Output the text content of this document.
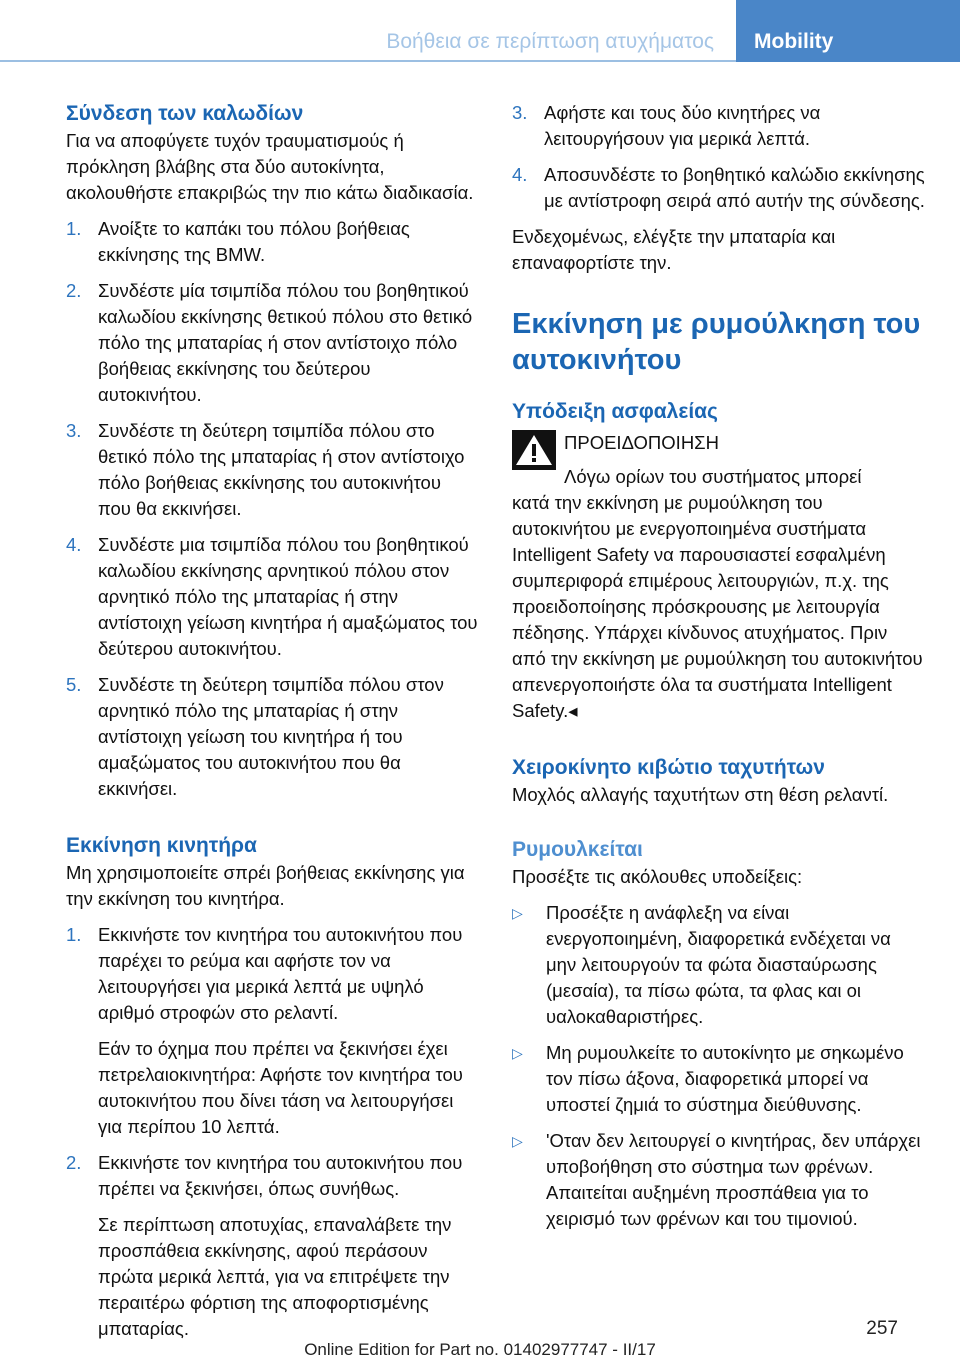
Βοήθεια σε περίπτωση ατυχήματος Mobility
Σύνδεση των καλωδίων

Για να αποφύγετε τυχόν τραυματισμούς ή πρόκληση βλάβης στα δύο αυτοκίνητα, ακολουθήστε επακριβώς την πιο κάτω διαδικασία.

1. Ανοίξτε το καπάκι του πόλου βοήθειας εκκίνησης της BMW.
2. Συνδέστε μία τσιμπίδα πόλου του βοηθητικού καλωδίου εκκίνησης θετικού πόλου στο θετικό πόλο της μπαταρίας ή στον αντίστοιχο πόλο βοήθειας εκκίνησης του δεύτερου αυτοκινήτου.
3. Συνδέστε τη δεύτερη τσιμπίδα πόλου στο θετικό πόλο της μπαταρίας ή στον αντίστοιχο πόλο βοήθειας εκκίνησης του αυτοκινήτου που θα εκκινήσει.
4. Συνδέστε μια τσιμπίδα πόλου του βοηθητικού καλωδίου εκκίνησης αρνητικού πόλου στον αρνητικό πόλο της μπαταρίας ή στην αντίστοιχη γείωση κινητήρα ή αμαξώματος του δεύτερου αυτοκινήτου.
5. Συνδέστε τη δεύτερη τσιμπίδα πόλου στον αρνητικό πόλο της μπαταρίας ή στην αντίστοιχη γείωση του κινητήρα ή του αμαξώματος του αυτοκινήτου που θα εκκινήσει.
Εκκίνηση κινητήρα

Μη χρησιμοποιείτε σπρέι βοήθειας εκκίνησης για την εκκίνηση του κινητήρα.

1. Εκκινήστε τον κινητήρα του αυτοκινήτου που παρέχει το ρεύμα και αφήστε τον να λειτουργήσει για μερικά λεπτά με υψηλό αριθμό στροφών στο ρελαντί.
Εάν το όχημα που πρέπει να ξεκινήσει έχει πετρελαιοκινητήρα: Αφήστε τον κινητήρα του αυτοκινήτου που δίνει τάση να λειτουργήσει για περίπου 10 λεπτά.
2. Εκκινήστε τον κινητήρα του αυτοκινήτου που πρέπει να ξεκινήσει, όπως συνήθως.
Σε περίπτωση αποτυχίας, επαναλάβετε την προσπάθεια εκκίνησης, αφού περάσουν πρώτα μερικά λεπτά, για να επιτρέψετε την περαιτέρω φόρτιση της αποφορτισμένης μπαταρίας.
3. Αφήστε και τους δύο κινητήρες να λειτουργήσουν για μερικά λεπτά.
4. Αποσυνδέστε το βοηθητικό καλώδιο εκκίνησης με αντίστροφη σειρά από αυτήν της σύνδεσης.

Ενδεχομένως, ελέγξτε την μπαταρία και επαναφορτίστε την.

Εκκίνηση με ρυμούλκηση του αυτοκινήτου
Υπόδειξη ασφαλείας
ΠΡΟΕΙΔΟΠΟΙΗΣΗ
Λόγω ορίων του συστήματος μπορεί
κατά την εκκίνηση με ρυμούλκηση του αυτοκινήτου με ενεργοποιημένα συστήματα Intelligent Safety να παρουσιαστεί εσφαλμένη συμπεριφορά επιμέρους λειτουργιών, π.χ. της προειδοποίησης πρόσκρουσης με λειτουργία πέδησης. Υπάρχει κίνδυνος ατυχήματος. Πριν από την εκκίνηση με ρυμούλκηση του αυτοκινήτου απενεργοποιήστε όλα τα συστήματα Intelligent Safety.◂
Χειροκίνητο κιβώτιο ταχυτήτων

Μοχλός αλλαγής ταχυτήτων στη θέση ρελαντί.

Ρυμουλκείται

Προσέξτε τις ακόλουθες υποδείξεις:

▷	Προσέξτε η ανάφλεξη να είναι ενεργοποιημένη, διαφορετικά ενδέχεται να μην λειτουργούν τα φώτα διασταύρωσης (μεσαία), τα πίσω φώτα, τα φλας και οι υαλοκαθαριστήρες.
▷	Μη ρυμουλκείτε το αυτοκίνητο με σηκωμένο τον πίσω άξονα, διαφορετικά μπορεί να υποστεί ζημιά το σύστημα διεύθυνσης.
▷	'Οταν δεν λειτουργεί ο κινητήρας, δεν υπάρχει υποβοήθηση στο σύστημα των φρένων. Απαιτείται αυξημένη προσπάθεια για το χειρισμό των φρένων και του τιμονιού.
257
Online Edition for Part no. 01402977747 - II/17
